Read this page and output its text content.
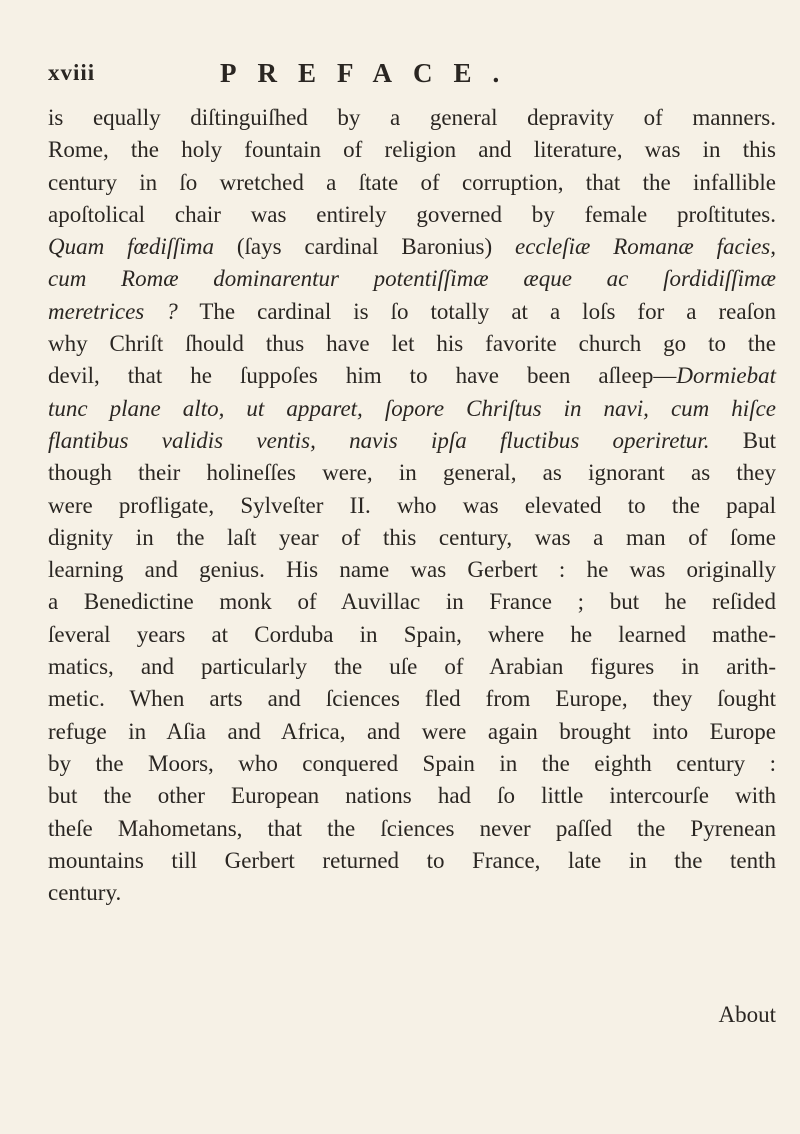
xviii	PREFACE.
is equally diſtinguiſhed by a general depravity of manners.
Rome, the holy fountain of religion and literature, was in this
century in ſo wretched a ſtate of corruption, that the infallible
apoſtolical chair was entirely governed by female proſtitutes.
Quam fœdiſſima (ſays cardinal Baronius) eccleſiæ Romanæ facies,
cum Romæ dominarentur potentiſſimæ æque ac ſordidiſſimæ
meretrices ? The cardinal is ſo totally at a loſs for a reaſon
why Chriſt ſhould thus have let his favorite church go to the
devil, that he ſuppoſes him to have been aſleep—Dormiebat
tunc plane alto, ut apparet, ſopore Chriſtus in navi, cum hiſce
flantibus validis ventis, navis ipſa fluctibus operiretur. But
though their holineſſes were, in general, as ignorant as they
were profligate, Sylveſter II. who was elevated to the papal
dignity in the laſt year of this century, was a man of ſome
learning and genius. His name was Gerbert : he was originally
a Benedictine monk of Auvillac in France ; but he reſided
ſeveral years at Corduba in Spain, where he learned mathe-
matics, and particularly the uſe of Arabian figures in arith-
metic. When arts and ſciences fled from Europe, they ſought
refuge in Aſia and Africa, and were again brought into Europe
by the Moors, who conquered Spain in the eighth century :
but the other European nations had ſo little intercourſe with
theſe Mahometans, that the ſciences never paſſed the Pyrenean
mountains till Gerbert returned to France, late in the tenth
century.
About
